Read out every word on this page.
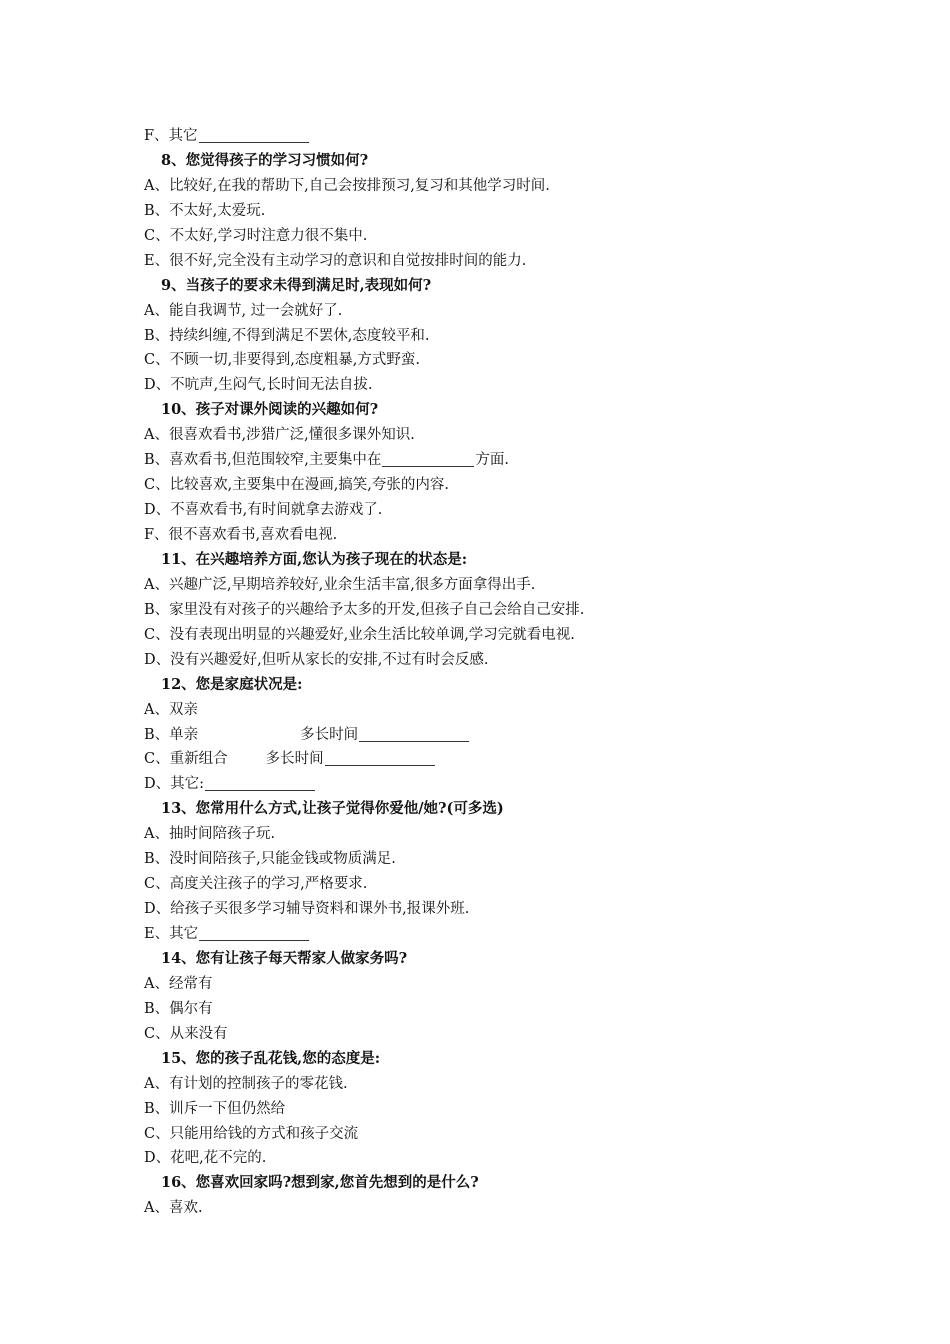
F、其它
8、您觉得孩子的学习习惯如何?
A、比较好,在我的帮助下,自己会按排预习,复习和其他学习时间.
B、不太好,太爱玩.
C、不太好,学习时注意力很不集中.
E、很不好,完全没有主动学习的意识和自觉按排时间的能力.
9、当孩子的要求未得到满足时,表现如何?
A、能自我调节, 过一会就好了.
B、持续纠缠,不得到满足不罢休,态度较平和.
C、不顾一切,非要得到,态度粗暴,方式野蛮.
D、不吭声,生闷气,长时间无法自拔.
10、孩子对课外阅读的兴趣如何?
A、很喜欢看书,涉猎广泛,懂很多课外知识.
B、喜欢看书,但范围较窄,主要集中在	方面.
C、比较喜欢,主要集中在漫画,搞笑,夸张的内容.
D、不喜欢看书,有时间就拿去游戏了.
F、很不喜欢看书,喜欢看电视.
11、在兴趣培养方面,您认为孩子现在的状态是:
A、兴趣广泛,早期培养较好,业余生活丰富,很多方面拿得出手.
B、家里没有对孩子的兴趣给予太多的开发,但孩子自己会给自己安排.
C、没有表现出明显的兴趣爱好,业余生活比较单调,学习完就看电视.
D、没有兴趣爱好,但听从家长的安排,不过有时会反感.
12、您是家庭状况是:
A、双亲
B、单亲	多长时间
C、重新组合	多长时间
D、其它:
13、您常用什么方式,让孩子觉得你爱他/她?(可多选)
A、抽时间陪孩子玩.
B、没时间陪孩子,只能金钱或物质满足.
C、高度关注孩子的学习,严格要求.
D、给孩子买很多学习辅导资料和课外书,报课外班.
E、其它
14、您有让孩子每天帮家人做家务吗?
A、经常有
B、偶尔有
C、从来没有
15、您的孩子乱花钱,您的态度是:
A、有计划的控制孩子的零花钱.
B、训斥一下但仍然给
C、只能用给钱的方式和孩子交流
D、花吧,花不完的.
16、您喜欢回家吗?想到家,您首先想到的是什么?
A、喜欢.
